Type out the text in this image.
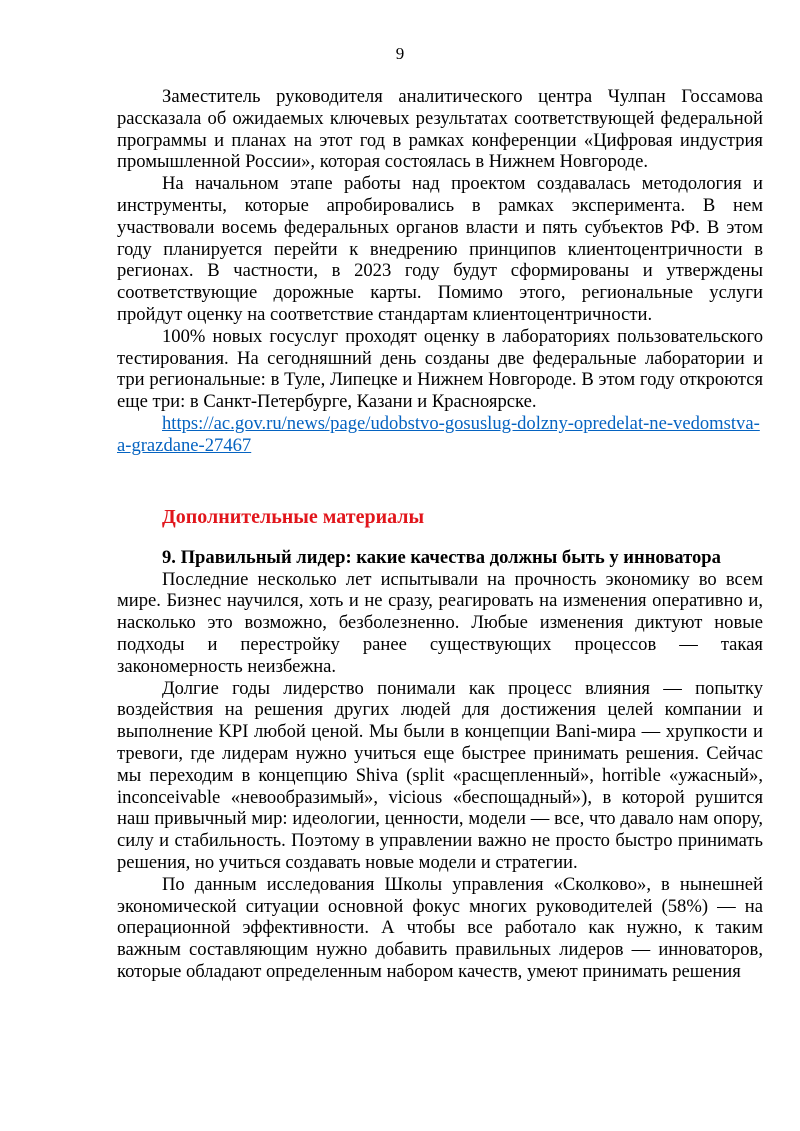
9

Заместитель руководителя аналитического центра Чулпан Госсамова рассказала об ожидаемых ключевых результатах соответствующей федеральной программы и планах на этот год в рамках конференции «Цифровая индустрия промышленной России», которая состоялась в Нижнем Новгороде.

На начальном этапе работы над проектом создавалась методология и инструменты, которые апробировались в рамках эксперимента. В нем участвовали восемь федеральных органов власти и пять субъектов РФ. В этом году планируется перейти к внедрению принципов клиентоцентричности в регионах. В частности, в 2023 году будут сформированы и утверждены соответствующие дорожные карты. Помимо этого, региональные услуги пройдут оценку на соответствие стандартам клиентоцентричности.

100% новых госуслуг проходят оценку в лабораториях пользовательского тестирования. На сегодняшний день созданы две федеральные лаборатории и три региональные: в Туле, Липецке и Нижнем Новгороде. В этом году откроются еще три: в Санкт-Петербурге, Казани и Красноярске.

https://ac.gov.ru/news/page/udobstvo-gosuslug-dolzny-opredelat-ne-vedomstva-a-grazdane-27467

Дополнительные материалы
9. Правильный лидер: какие качества должны быть у инноватора

Последние несколько лет испытывали на прочность экономику во всем мире. Бизнес научился, хоть и не сразу, реагировать на изменения оперативно и, насколько это возможно, безболезненно. Любые изменения диктуют новые подходы и перестройку ранее существующих процессов — такая закономерность неизбежна.

Долгие годы лидерство понимали как процесс влияния — попытку воздействия на решения других людей для достижения целей компании и выполнение KPI любой ценой. Мы были в концепции Bani-мира — хрупкости и тревоги, где лидерам нужно учиться еще быстрее принимать решения. Сейчас мы переходим в концепцию Shiva (split «расщепленный», horrible «ужасный», inconceivable «невообразимый», vicious «беспощадный»), в которой рушится наш привычный мир: идеологии, ценности, модели — все, что давало нам опору, силу и стабильность. Поэтому в управлении важно не просто быстро принимать решения, но учиться создавать новые модели и стратегии.

По данным исследования Школы управления «Сколково», в нынешней экономической ситуации основной фокус многих руководителей (58%) — на операционной эффективности. А чтобы все работало как нужно, к таким важным составляющим нужно добавить правильных лидеров — инноваторов, которые обладают определенным набором качеств, умеют принимать решения
